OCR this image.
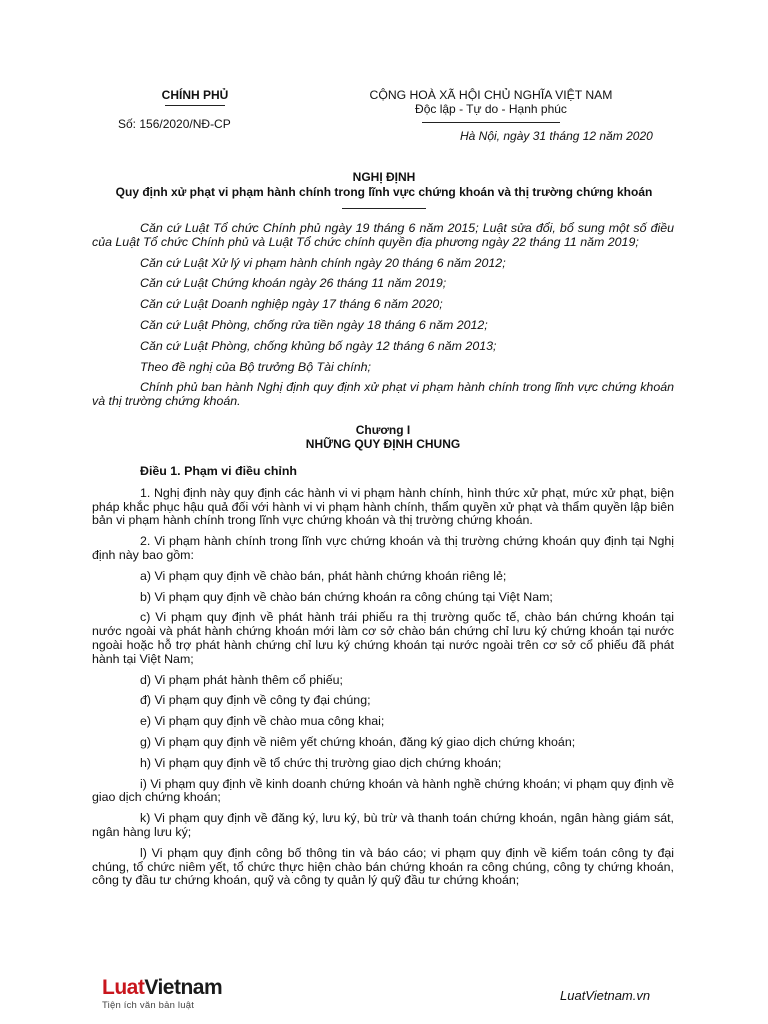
CHÍNH PHỦ
Số: 156/2020/NĐ-CP
CỘNG HOÀ XÃ HỘI CHỦ NGHĨA VIỆT NAM
Độc lập - Tự do - Hạnh phúc
Hà Nội, ngày 31 tháng 12 năm 2020
NGHỊ ĐỊNH
Quy định xử phạt vi phạm hành chính trong lĩnh vực chứng khoán và thị trường chứng khoán

Căn cứ Luật Tổ chức Chính phủ ngày 19 tháng 6 năm 2015; Luật sửa đổi, bổ sung một số điều của Luật Tổ chức Chính phủ và Luật Tổ chức chính quyền địa phương ngày 22 tháng 11 năm 2019;

Căn cứ Luật Xử lý vi phạm hành chính ngày 20 tháng 6 năm 2012;

Căn cứ Luật Chứng khoán ngày 26 tháng 11 năm 2019;

Căn cứ Luật Doanh nghiệp ngày 17 tháng 6 năm 2020;

Căn cứ Luật Phòng, chống rửa tiền ngày 18 tháng 6 năm 2012;

Căn cứ Luật Phòng, chống khủng bố ngày 12 tháng 6 năm 2013;

Theo đề nghị của Bộ trưởng Bộ Tài chính;

Chính phủ ban hành Nghị định quy định xử phạt vi phạm hành chính trong lĩnh vực chứng khoán và thị trường chứng khoán.

Chương I
NHỮNG QUY ĐỊNH CHUNG

Điều 1. Phạm vi điều chỉnh

1. Nghị định này quy định các hành vi vi phạm hành chính, hình thức xử phạt, mức xử phạt, biện pháp khắc phục hậu quả đối với hành vi vi phạm hành chính, thẩm quyền xử phạt và thẩm quyền lập biên bản vi phạm hành chính trong lĩnh vực chứng khoán và thị trường chứng khoán.

2. Vi phạm hành chính trong lĩnh vực chứng khoán và thị trường chứng khoán quy định tại Nghị định này bao gồm:

a) Vi phạm quy định về chào bán, phát hành chứng khoán riêng lẻ;

b) Vi phạm quy định về chào bán chứng khoán ra công chúng tại Việt Nam;

c) Vi phạm quy định về phát hành trái phiếu ra thị trường quốc tế, chào bán chứng khoán tại nước ngoài và phát hành chứng khoán mới làm cơ sở chào bán chứng chỉ lưu ký chứng khoán tại nước ngoài hoặc hỗ trợ phát hành chứng chỉ lưu ký chứng khoán tại nước ngoài trên cơ sở cổ phiếu đã phát hành tại Việt Nam;

d) Vi phạm phát hành thêm cổ phiếu;

đ) Vi phạm quy định về công ty đại chúng;

e) Vi phạm quy định về chào mua công khai;

g) Vi phạm quy định về niêm yết chứng khoán, đăng ký giao dịch chứng khoán;

h) Vi phạm quy định về tổ chức thị trường giao dịch chứng khoán;

i) Vi phạm quy định về kinh doanh chứng khoán và hành nghề chứng khoán; vi phạm quy định về giao dịch chứng khoán;

k) Vi phạm quy định về đăng ký, lưu ký, bù trừ và thanh toán chứng khoán, ngân hàng giám sát, ngân hàng lưu ký;

l) Vi phạm quy định công bố thông tin và báo cáo; vi phạm quy định về kiểm toán công ty đại chúng, tổ chức niêm yết, tổ chức thực hiện chào bán chứng khoán ra công chúng, công ty chứng khoán, công ty đầu tư chứng khoán, quỹ và công ty quản lý quỹ đầu tư chứng khoán;

LuatVietnam
Tiện ích văn bản luật
LuatVietnam.vn
